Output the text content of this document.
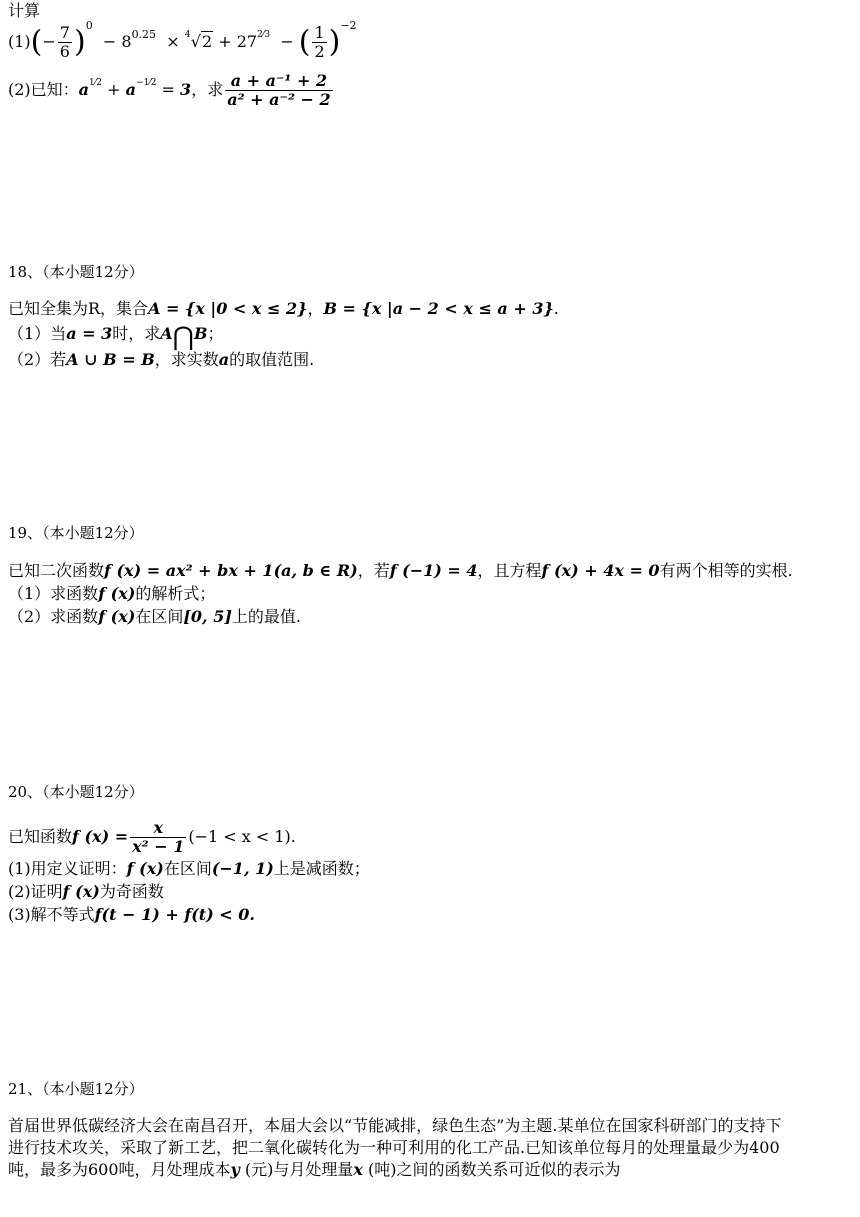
计算
$(1)(- \frac{7}{6} )^0 - 8^{0.25} \times 4$ $√2 + 27^{2⁄3}$  − ( $\frac{1}{2} )^{-2}$
(2)已知：$a^{1⁄2} + a^{-1⁄2} = 3$，求 $\frac{\text{a + a⁻¹ + 2}}{\text{a² + a⁻² − 2}}$
18、（本小题12分）
已知全集为R，集合A = {x |0 < x ≤ 2}，B = {x |a − 2 < x ≤ a + 3}.
（1）当a = 3时，求A⋂B；
（2）若A ∪ B = B，求实数a的取值范围.
19、（本小题12分）
已知二次函数f (x) = ax² + bx + 1(a, b ∈ R)，若f (−1) = 4，且方程f (x) + 4x = 0有两个相等的实根.
（1）求函数f (x)的解析式；
（2）求函数f (x)在区间[0, 5]上的最值.
20、（本小题12分）
已知函数f $(x) = \frac{x}{\text{x² − 1}} (-1 < x < 1)$.
(1)用定义证明：f (x)在区间(−1, 1)上是减函数；
(2)证明f (x)为奇函数
(3)解不等式f(t − 1) + f(t) < 0.
21、（本小题12分）
首届世界低碳经济大会在南昌召开，本届大会以“节能减排，绿色生态”为主题.某单位在国家科研部门的支持下
进行技术攻关，采取了新工艺，把二氧化碳转化为一种可利用的化工产品.已知该单位每月的处理量最少为400
吨，最多为600吨，月处理成本y (元)与月处理量x (吨)之间的函数关系可近似的表示为
